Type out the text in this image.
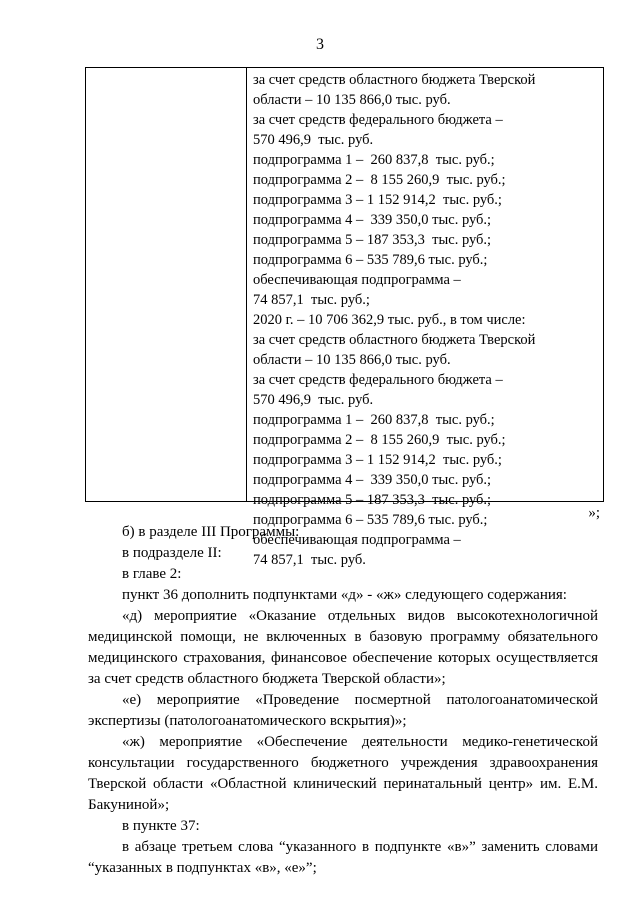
3
за счет средств областного бюджета Тверской
области – 10 135 866,0 тыс. руб.
за счет средств федерального бюджета –
570 496,9  тыс. руб.
подпрограмма 1 –  260 837,8  тыс. руб.;
подпрограмма 2 –  8 155 260,9  тыс. руб.;
подпрограмма 3 – 1 152 914,2  тыс. руб.;
подпрограмма 4 –  339 350,0 тыс. руб.;
подпрограмма 5 – 187 353,3  тыс. руб.;
подпрограмма 6 – 535 789,6 тыс. руб.;
обеспечивающая подпрограмма –
74 857,1  тыс. руб.;
2020 г. – 10 706 362,9 тыс. руб., в том числе:
за счет средств областного бюджета Тверской
области – 10 135 866,0 тыс. руб.
за счет средств федерального бюджета –
570 496,9  тыс. руб.
подпрограмма 1 –  260 837,8  тыс. руб.;
подпрограмма 2 –  8 155 260,9  тыс. руб.;
подпрограмма 3 – 1 152 914,2  тыс. руб.;
подпрограмма 4 –  339 350,0 тыс. руб.;
подпрограмма 5 – 187 353,3  тыс. руб.;
подпрограмма 6 – 535 789,6 тыс. руб.;
обеспечивающая подпрограмма –
74 857,1  тыс. руб.
»;

б) в разделе III Программы:

в подразделе II:

в главе 2:

пункт 36 дополнить подпунктами «д» - «ж» следующего содержания:

«д) мероприятие «Оказание отдельных видов высокотехнологичной медицинской помощи, не включенных в базовую программу обязательного медицинского страхования, финансовое обеспечение которых осуществляется за счет средств областного бюджета Тверской области»;

«е) мероприятие «Проведение посмертной патологоанатомической экспертизы (патологоанатомического вскрытия)»;

«ж) мероприятие «Обеспечение деятельности медико-генетической консультации государственного бюджетного учреждения здравоохранения Тверской области «Областной клинический перинатальный центр» им. Е.М. Бакуниной»;

в пункте 37:

в абзаце третьем слова “указанного в подпункте «в»” заменить словами “указанных в подпунктах «в», «е»”;
